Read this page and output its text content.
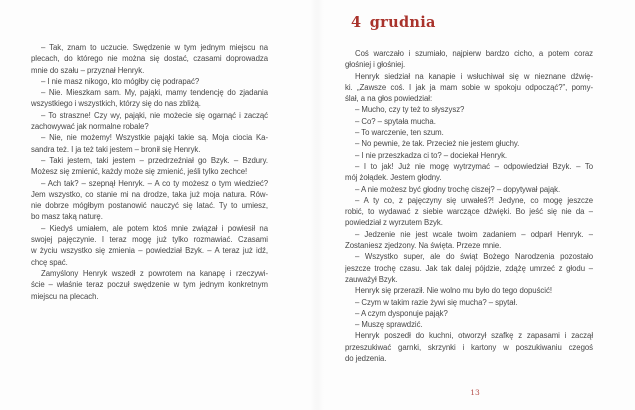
– Tak, znam to uczucie. Swędzenie w tym jednym miejscu na
plecach, do którego nie można się dostać, czasami doprowadza
mnie do szału – przyznał Henryk.
– I nie masz nikogo, kto mógłby cię podrapać?
– Nie. Mieszkam sam. My, pająki, mamy tendencję do zjadania
wszystkiego i wszystkich, którzy się do nas zbliżą.
– To straszne! Czy wy, pająki, nie możecie się ogarnąć i zacząć
zachowywać jak normalne robale?
– Nie, nie możemy! Wszystkie pająki takie są. Moja ciocia Ka-
sandra też. I ja też taki jestem – bronił się Henryk.
– Taki jestem, taki jestem – przedrzeźniał go Bzyk. – Bzdury.
Możesz się zmienić, każdy może się zmienić, jeśli tylko zechce!
– Ach tak? – szepnął Henryk. – A co ty możesz o tym wiedzieć?
Jem wszystko, co stanie mi na drodze, taka już moja natura. Rów-
nie dobrze mógłbym postanowić nauczyć się latać. Ty to umiesz,
bo masz taką naturę.
– Kiedyś umiałem, ale potem ktoś mnie związał i powiesił na
swojej pajęczynie. I teraz mogę już tylko rozmawiać. Czasami
w życiu wszystko się zmienia – powiedział Bzyk. – A teraz już idź,
chcę spać.
Zamyślony Henryk wszedł z powrotem na kanapę i rzeczywi-
ście – właśnie teraz poczuł swędzenie w tym jednym konkretnym
miejscu na plecach.
4 grudnia
Coś warczało i szumiało, najpierw bardzo cicho, a potem coraz
głośniej i głośniej.
Henryk siedział na kanapie i wsłuchiwał się w nieznane dźwię-
ki. „Zawsze coś. I jak ja mam sobie w spokoju odpocząć?”, pomy-
ślał, a na głos powiedział:
– Mucho, czy ty też to słyszysz?
– Co? – spytała mucha.
– To warczenie, ten szum.
– No pewnie, że tak. Przecież nie jestem głuchy.
– I nie przeszkadza ci to? – dociekał Henryk.
– I to jak! Już nie mogę wytrzymać – odpowiedział Bzyk. – To
mój żołądek. Jestem głodny.
– A nie możesz być głodny trochę ciszej? – dopytywał pająk.
– A ty co, z pajęczyny się urwałeś?! Jedyne, co mogę jeszcze
robić, to wydawać z siebie warczące dźwięki. Bo jeść się nie da –
powiedział z wyrzutem Bzyk.
– Jedzenie nie jest wcale twoim zadaniem – odparł Henryk. –
Zostaniesz zjedzony. Na święta. Przeze mnie.
– Wszystko super, ale do świąt Bożego Narodzenia pozostało
jeszcze trochę czasu. Jak tak dalej pójdzie, zdążę umrzeć z głodu –
zauważył Bzyk.
Henryk się przeraził. Nie wolno mu było do tego dopuścić!
– Czym w takim razie żywi się mucha? – spytał.
– A czym dysponuje pająk?
– Muszę sprawdzić.
Henryk poszedł do kuchni, otworzył szafkę z zapasami i zaczął
przeszukiwać garnki, skrzynki i kartony w poszukiwaniu czegoś
do jedzenia.
13
